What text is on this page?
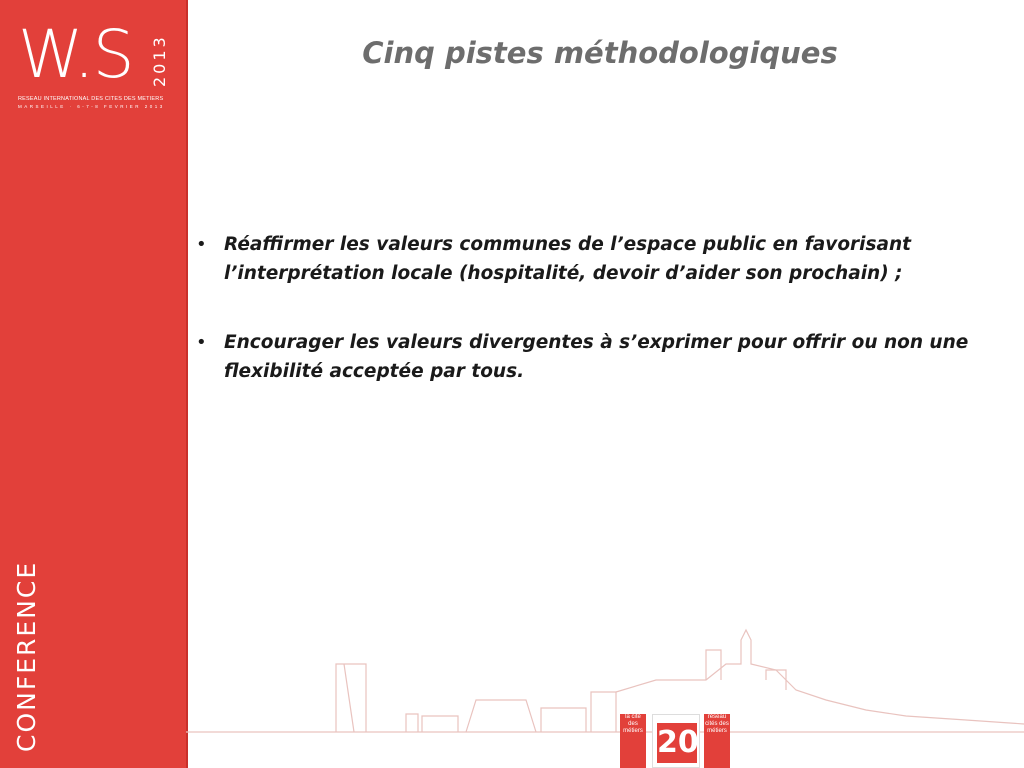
W.S 2013
RESEAU INTERNATIONAL DES CITES DES METIERS
MARSEILLE · 6-7-8 FEVRIER 2013
CONFERENCE
Cinq pistes méthodologiques
• Réaffirmer les valeurs communes de l’espace public en favorisant l’interprétation locale (hospitalité, devoir d’aider son prochain) ;
• Encourager les valeurs divergentes à s’exprimer pour offrir ou non une flexibilité acceptée par tous.
la cité des métiers 20
réseau cités des métiers
